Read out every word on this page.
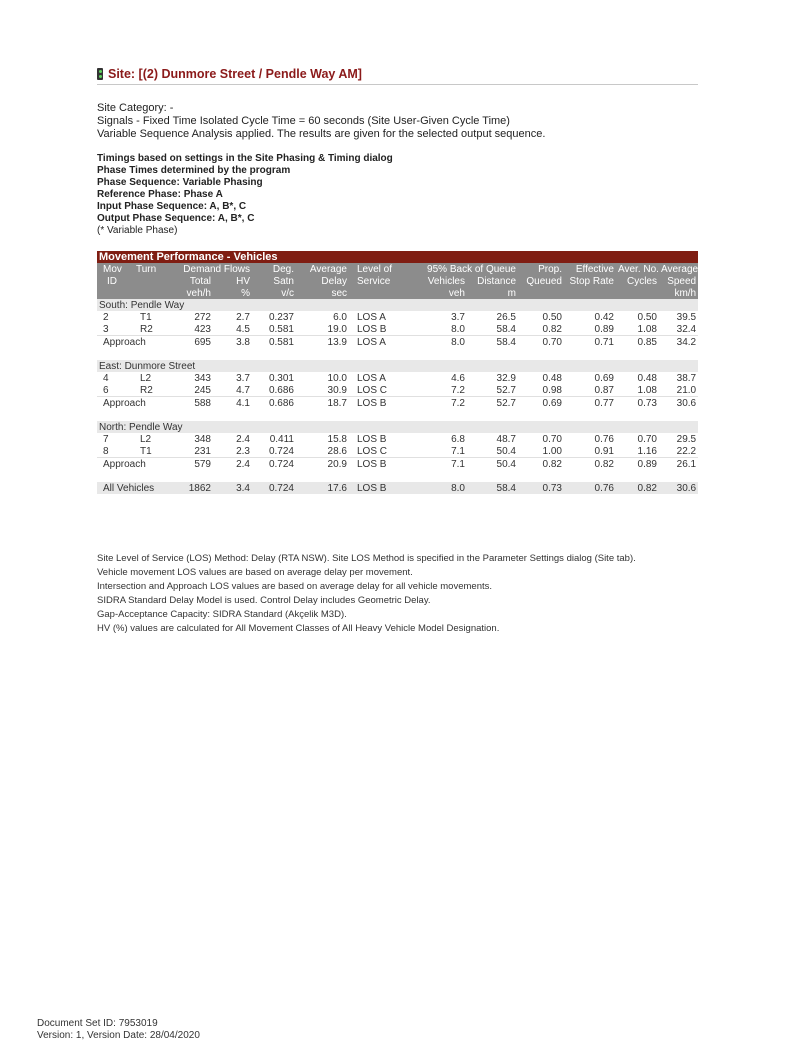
Site: [(2) Dunmore Street / Pendle Way AM]
Site Category: -
Signals - Fixed Time Isolated Cycle Time = 60 seconds (Site User-Given Cycle Time)
Variable Sequence Analysis applied. The results are given for the selected output sequence.
Timings based on settings in the Site Phasing & Timing dialog
Phase Times determined by the program
Phase Sequence: Variable Phasing
Reference Phase: Phase A
Input Phase Sequence: A, B*, C
Output Phase Sequence: A, B*, C
(* Variable Phase)
Movement Performance - Vehicles												
Mov	Turn	Demand Flows		Deg.	Average	Level of	95% Back of Queue		Prop.	Effective	Aver. No.	Average
ID		Total	HV	Satn	Delay	Service	Vehicles	Distance	Queued	Stop Rate	Cycles	Speed
		veh/h	%	v/c	sec		veh	m				km/h
South: Pendle Way												
2	T1	272	2.7	0.237	6.0	LOS A	3.7	26.5	0.50	0.42	0.50	39.5
3	R2	423	4.5	0.581	19.0	LOS B	8.0	58.4	0.82	0.89	1.08	32.4
Approach		695	3.8	0.581	13.9	LOS A	8.0	58.4	0.70	0.71	0.85	34.2

East: Dunmore Street												
4	L2	343	3.7	0.301	10.0	LOS A	4.6	32.9	0.48	0.69	0.48	38.7
6	R2	245	4.7	0.686	30.9	LOS C	7.2	52.7	0.98	0.87	1.08	21.0
Approach		588	4.1	0.686	18.7	LOS B	7.2	52.7	0.69	0.77	0.73	30.6

North: Pendle Way												
7	L2	348	2.4	0.411	15.8	LOS B	6.8	48.7	0.70	0.76	0.70	29.5
8	T1	231	2.3	0.724	28.6	LOS C	7.1	50.4	1.00	0.91	1.16	22.2
Approach		579	2.4	0.724	20.9	LOS B	7.1	50.4	0.82	0.82	0.89	26.1

All Vehicles		1862	3.4	0.724	17.6	LOS B	8.0	58.4	0.73	0.76	0.82	30.6
Site Level of Service (LOS) Method: Delay (RTA NSW). Site LOS Method is specified in the Parameter Settings dialog (Site tab).
Vehicle movement LOS values are based on average delay per movement.
Intersection and Approach LOS values are based on average delay for all vehicle movements.
SIDRA Standard Delay Model is used. Control Delay includes Geometric Delay.
Gap-Acceptance Capacity: SIDRA Standard (Akçelik M3D).
HV (%) values are calculated for All Movement Classes of All Heavy Vehicle Model Designation.
Document Set ID: 7953019
Version: 1, Version Date: 28/04/2020
